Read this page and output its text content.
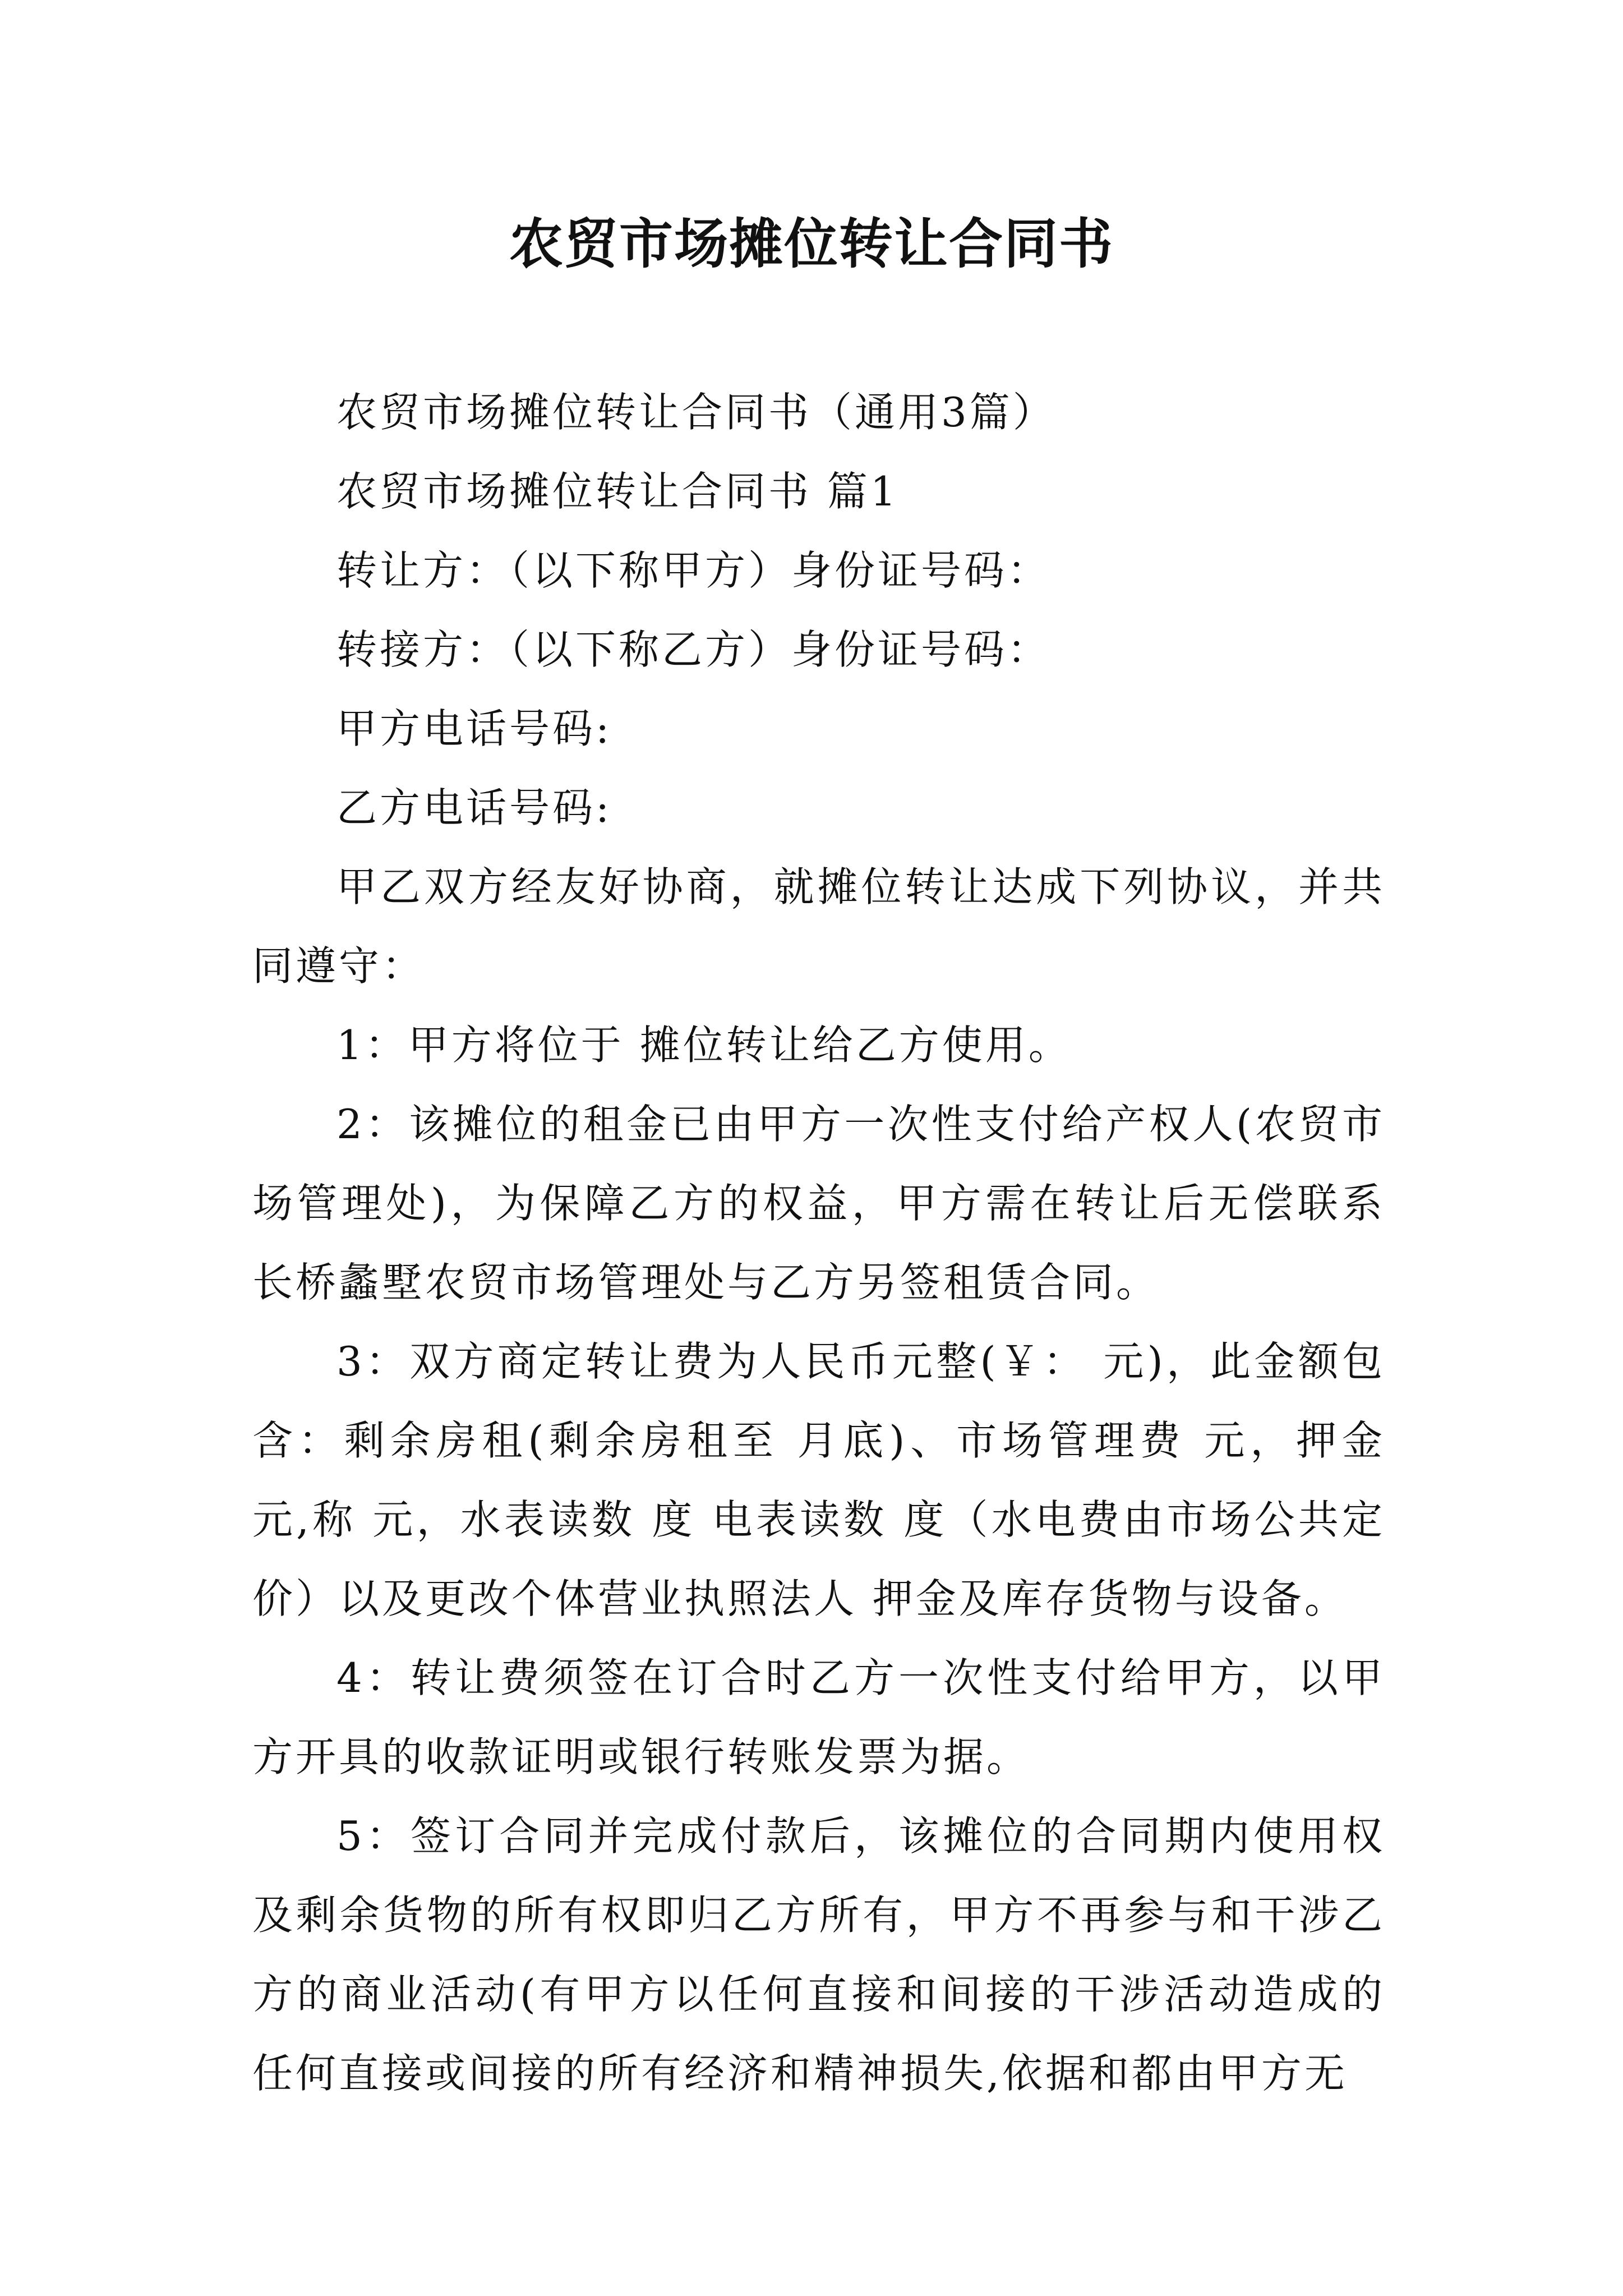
农贸市场摊位转让合同书

农贸市场摊位转让合同书（通用3篇）

农贸市场摊位转让合同书 篇1

转让方：（以下称甲方）身份证号码：

转接方：（以下称乙方）身份证号码：

甲方电话号码:

乙方电话号码:

甲乙双方经友好协商，就摊位转让达成下列协议，并共同遵守：

1：甲方将位于 摊位转让给乙方使用。

2：该摊位的租金已由甲方一次性支付给产权人(农贸市场管理处)，为保障乙方的权益，甲方需在转让后无偿联系长桥蠡墅农贸市场管理处与乙方另签租赁合同。

3：双方商定转让费为人民币元整(￥： 元)，此金额包含：剩余房租(剩余房租至 月底)、市场管理费 元，押金 元,称 元，水表读数 度 电表读数 度（水电费由市场公共定价）以及更改个体营业执照法人 押金及库存货物与设备。

4：转让费须签在订合时乙方一次性支付给甲方，以甲方开具的收款证明或银行转账发票为据。

5：签订合同并完成付款后，该摊位的合同期内使用权及剩余货物的所有权即归乙方所有，甲方不再参与和干涉乙方的商业活动(有甲方以任何直接和间接的干涉活动造成的任何直接或间接的所有经济和精神损失,依据和都由甲方无
